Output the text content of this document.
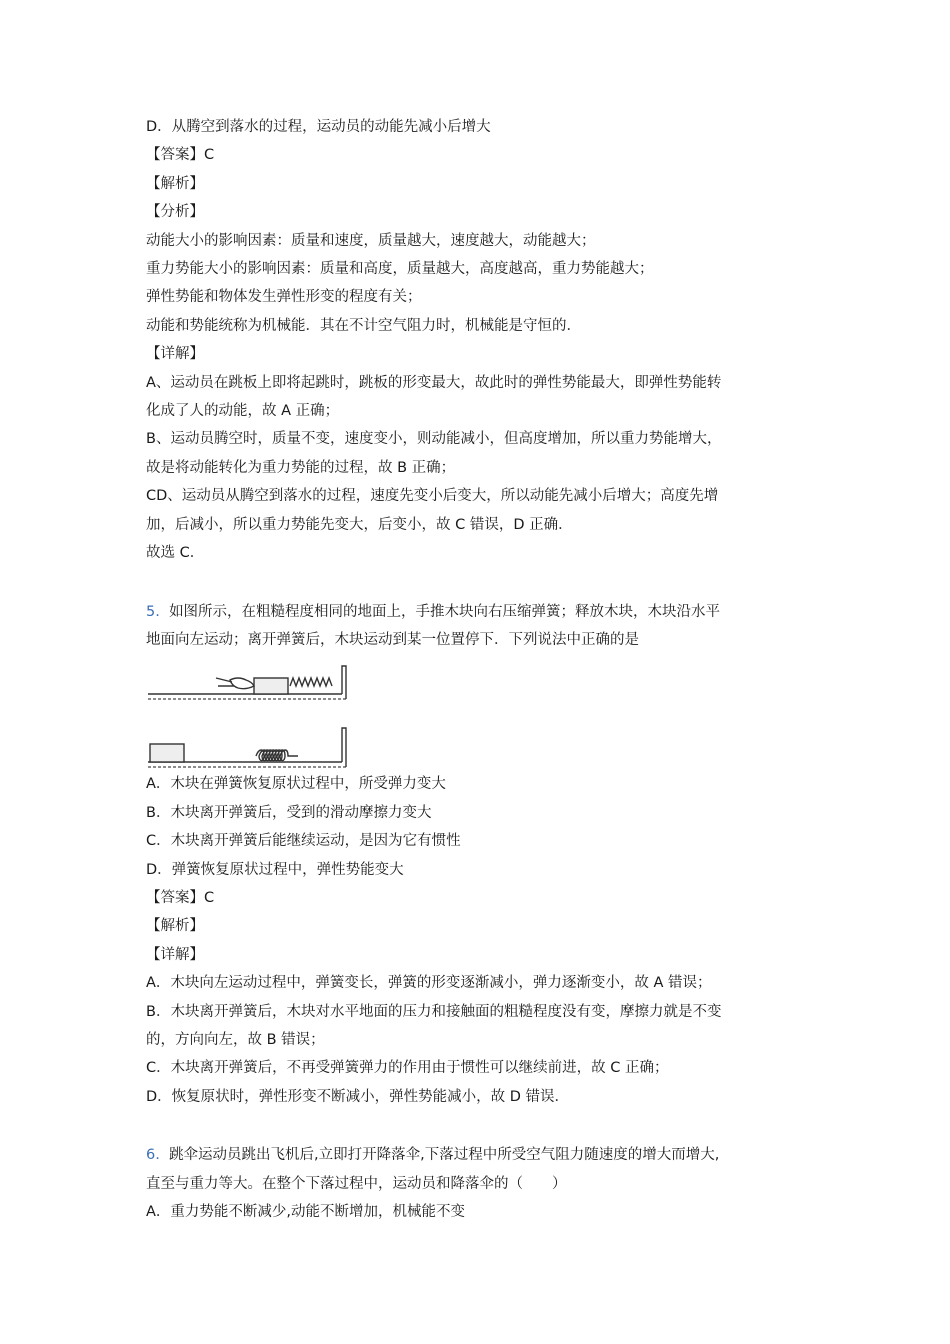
D．从腾空到落水的过程，运动员的动能先减小后增大
【答案】C
【解析】
【分析】
动能大小的影响因素：质量和速度，质量越大，速度越大，动能越大；
重力势能大小的影响因素：质量和高度，质量越大，高度越高，重力势能越大；
弹性势能和物体发生弹性形变的程度有关；
动能和势能统称为机械能．其在不计空气阻力时，机械能是守恒的．
【详解】
A、运动员在跳板上即将起跳时，跳板的形变最大，故此时的弹性势能最大，即弹性势能转
化成了人的动能，故 A 正确；
B、运动员腾空时，质量不变，速度变小，则动能减小，但高度增加，所以重力势能增大，
故是将动能转化为重力势能的过程，故 B 正确；
CD、运动员从腾空到落水的过程，速度先变小后变大，所以动能先减小后增大；高度先增
加，后减小，所以重力势能先变大，后变小，故 C 错误，D 正确．
故选 C．
5. 如图所示，在粗糙程度相同的地面上，手推木块向右压缩弹簧；释放木块，木块沿水平
地面向左运动；离开弹簧后，木块运动到某一位置停下．下列说法中正确的是
A．木块在弹簧恢复原状过程中，所受弹力变大
B．木块离开弹簧后，受到的滑动摩擦力变大
C．木块离开弹簧后能继续运动，是因为它有惯性
D．弹簧恢复原状过程中，弹性势能变大
【答案】C
【解析】
【详解】
A．木块向左运动过程中，弹簧变长，弹簧的形变逐渐减小，弹力逐渐变小，故 A 错误；
B．木块离开弹簧后，木块对水平地面的压力和接触面的粗糙程度没有变，摩擦力就是不变
的，方向向左，故 B 错误；
C．木块离开弹簧后，不再受弹簧弹力的作用由于惯性可以继续前进，故 C 正确；
D．恢复原状时，弹性形变不断减小，弹性势能减小，故 D 错误．
6. 跳伞运动员跳出飞机后,立即打开降落伞,下落过程中所受空气阻力随速度的增大而增大,
直至与重力等大。在整个下落过程中，运动员和降落伞的（　　）
A．重力势能不断减少,动能不断增加，机械能不变
